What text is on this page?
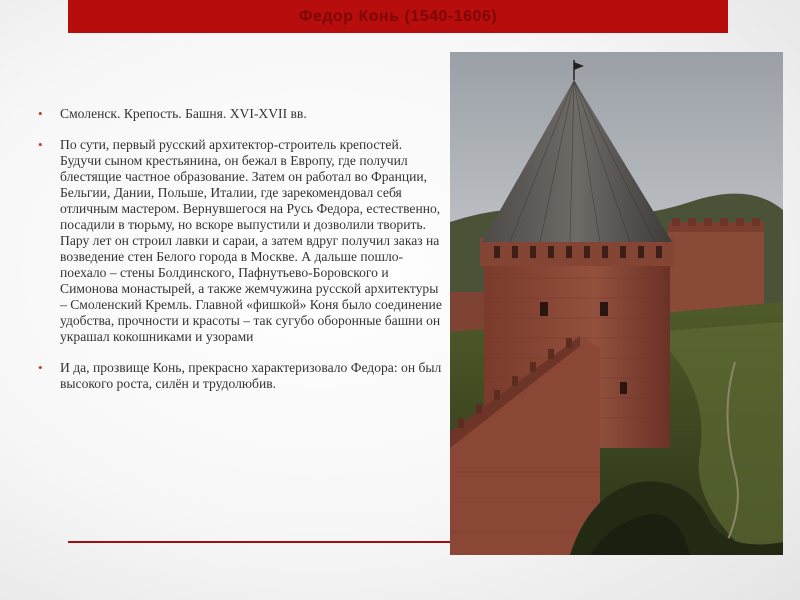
Федор Конь (1540-1606)
• Смоленск. Крепость. Башня. XVI-XVII вв.
• По сути, первый русский архитектор-строитель крепостей. Будучи сыном крестьянина, он бежал в Европу, где получил блестящие частное образование. Затем он работал во Франции, Бельгии, Дании, Польше, Италии, где зарекомендовал себя отличным мастером. Вернувшегося на Русь Федора, естественно, посадили в тюрьму, но вскоре выпустили и дозволили творить. Пару лет он строил лавки и сараи, а затем вдруг получил заказ на возведение стен Белого города в Москве. А дальше пошло-поехало – стены Болдинского, Пафнутьево-Боровского и Симонова монастырей, а также жемчужина русской архитектуры – Смоленский Кремль. Главной «фишкой» Коня было соединение удобства, прочности и красоты – так сугубо оборонные башни он украшал кокошниками и узорами
• И да, прозвище Конь, прекрасно характеризовало Федора: он был высокого роста, силён и трудолюбив.
